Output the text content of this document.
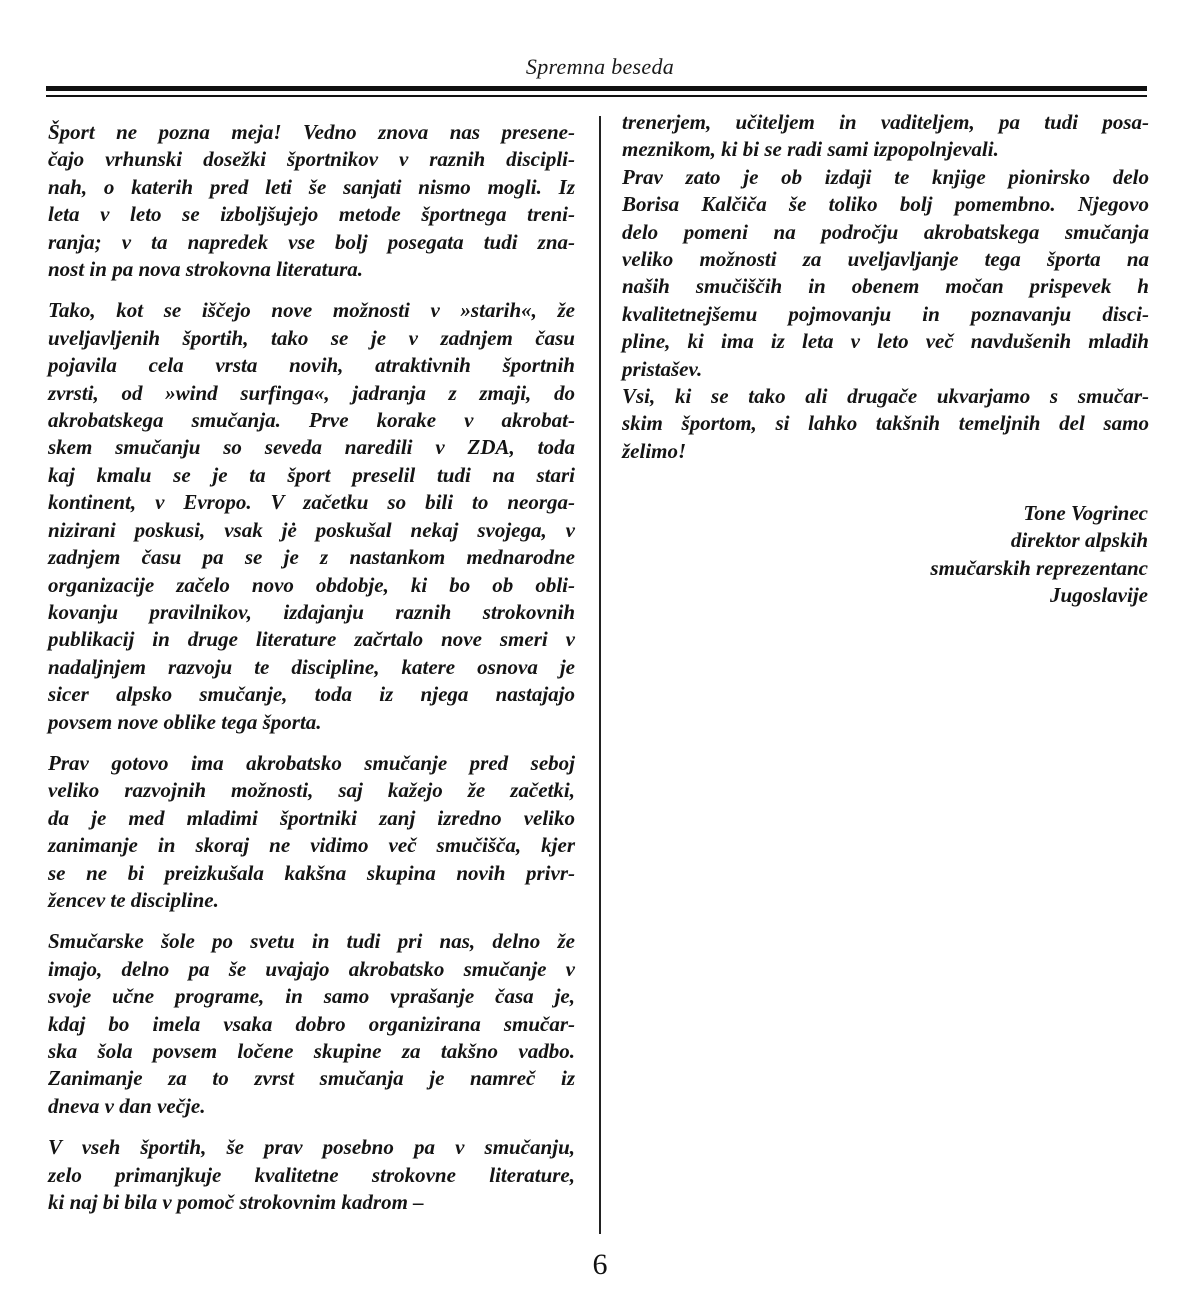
Spremna beseda

Šport ne pozna meja! Vedno znova nas presene-

čajo vrhunski dosežki športnikov v raznih discipli-

nah, o katerih pred leti še sanjati nismo mogli. Iz

leta v leto se izboljšujejo metode športnega treni-

ranja; v ta napredek vse bolj posegata tudi zna-

nost in pa nova strokovna literatura.

Tako, kot se iščejo nove možnosti v »starih«, že

uveljavljenih športih, tako se je v zadnjem času

pojavila cela vrsta novih, atraktivnih športnih

zvrsti, od »wind surfinga«, jadranja z zmaji, do

akrobatskega smučanja. Prve korake v akrobat-

skem smučanju so seveda naredili v ZDA, toda

kaj kmalu se je ta šport preselil tudi na stari

kontinent, v Evropo. V začetku so bili to neorga-

nizirani poskusi, vsak jė poskušal nekaj svojega, v

zadnjem času pa se je z nastankom mednarodne

organizacije začelo novo obdobje, ki bo ob obli-

kovanju pravilnikov, izdajanju raznih strokovnih

publikacij in druge literature začrtalo nove smeri v

nadaljnjem razvoju te discipline, katere osnova je

sicer alpsko smučanje, toda iz njega nastajajo

povsem nove oblike tega športa.

Prav gotovo ima akrobatsko smučanje pred seboj

veliko razvojnih možnosti, saj kažejo že začetki,

da je med mladimi športniki zanj izredno veliko

zanimanje in skoraj ne vidimo več smučišča, kjer

se ne bi preizkušala kakšna skupina novih privr-

žencev te discipline.

Smučarske šole po svetu in tudi pri nas, delno že

imajo, delno pa še uvajajo akrobatsko smučanje v

svoje učne programe, in samo vprašanje časa je,

kdaj bo imela vsaka dobro organizirana smučar-

ska šola povsem ločene skupine za takšno vadbo.

Zanimanje za to zvrst smučanja je namreč iz

dneva v dan večje.

V vseh športih, še prav posebno pa v smučanju,

zelo primanjkuje kvalitetne strokovne literature,

ki naj bi bila v pomoč strokovnim kadrom –

trenerjem, učiteljem in vaditeljem, pa tudi posa-

meznikom, ki bi se radi sami izpopolnjevali.

Prav zato je ob izdaji te knjige pionirsko delo

Borisa Kalčiča še toliko bolj pomembno. Njegovo

delo pomeni na področju akrobatskega smučanja

veliko možnosti za uveljavljanje tega športa na

naših smučiščih in obenem močan prispevek h

kvalitetnejšemu pojmovanju in poznavanju disci-

pline, ki ima iz leta v leto več navdušenih mladih

pristašev.

Vsi, ki se tako ali drugače ukvarjamo s smučar-

skim športom, si lahko takšnih temeljnih del samo

želimo!

Tone Vogrinec
direktor alpskih
smučarskih reprezentanc
Jugoslavije
6
